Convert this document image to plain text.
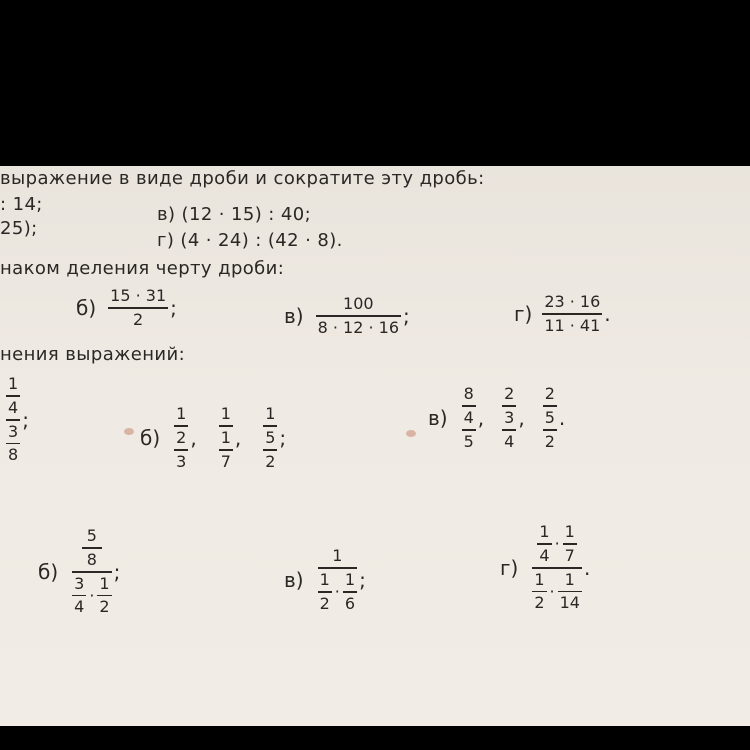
выражение в виде дроби и сократите эту дробь:
: 14;	в) (12 · 15) : 40;
25);
г) (4 · 24) : (42 · 8).
наком деления черту дроби:
$б) \frac{15 \cdot 31}{2}$ ;	$в) \frac{100}{8 \cdot 12 \cdot 16}$ ;	$г) \frac{23 \cdot 16}{11 \cdot 41}$ .
нения выражений:
$\frac{\frac{1}{4}}{\frac{3}{8}}$ ;
$б) \frac{1}{\frac{2}{3}}$ , $\frac{1}{\frac{1}{7}}$ , $\frac{1}{\frac{5}{2}}$ ;
$в) \frac{\frac{8}{4}}{5}$ , $\frac{2}{\frac{3}{4}}$ , $\frac{2}{\frac{5}{2}}$ .
б)
$\frac{5}{8}$
$\frac{3}{4} \cdot \frac{1}{2}$
;	в)
1
$\frac{1}{2} \cdot \frac{1}{6}$ ;
г)
$\frac{1}{4} \cdot \frac{1}{7}$
$\frac{1}{2} \cdot \frac{1}{14}$
.
